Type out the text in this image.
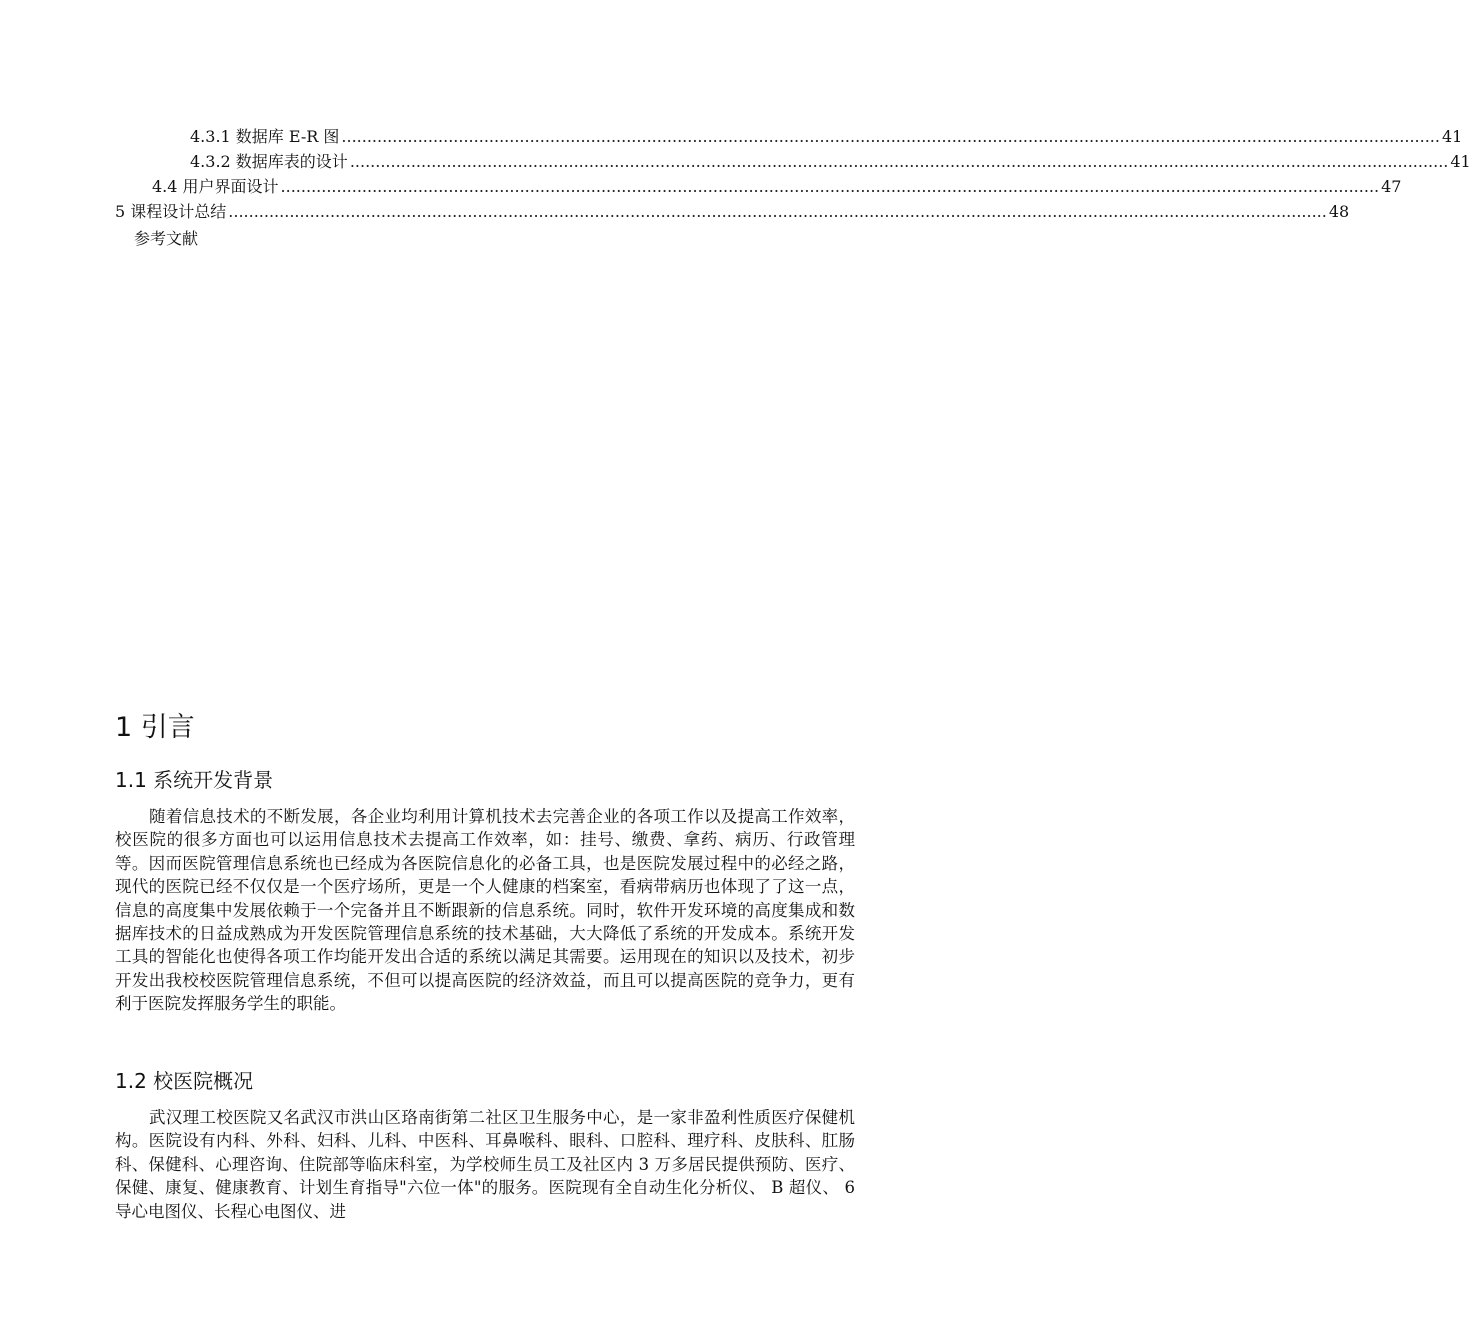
4.3.1 数据库 E-R 图 ........................................................................................................................................................................................................................ 41
4.3.2 数据库表的设计 ........................................................................................................................................................................................................................ 41
4.4 用户界面设计 ........................................................................................................................................................................................................................ 47
5 课程设计总结 ........................................................................................................................................................................................................................ 48
参考文献
1 引言
1.1 系统开发背景

随着信息技术的不断发展，各企业均利用计算机技术去完善企业的各项工作以及提高工作效率，校医院的很多方面也可以运用信息技术去提高工作效率，如：挂号、缴费、拿药、病历、行政管理等。因而医院管理信息系统也已经成为各医院信息化的必备工具，也是医院发展过程中的必经之路，现代的医院已经不仅仅是一个医疗场所，更是一个人健康的档案室，看病带病历也体现了了这一点，信息的高度集中发展依赖于一个完备并且不断跟新的信息系统。同时，软件开发环境的高度集成和数据库技术的日益成熟成为开发医院管理信息系统的技术基础，大大降低了系统的开发成本。系统开发工具的智能化也使得各项工作均能开发出合适的系统以满足其需要。运用现在的知识以及技术，初步开发出我校校医院管理信息系统，不但可以提高医院的经济效益，而且可以提高医院的竞争力，更有利于医院发挥服务学生的职能。

1.2 校医院概况

武汉理工校医院又名武汉市洪山区珞南街第二社区卫生服务中心，是一家非盈利性质医疗保健机构。医院设有内科、外科、妇科、儿科、中医科、耳鼻喉科、眼科、口腔科、理疗科、皮肤科、肛肠科、保健科、心理咨询、住院部等临床科室，为学校师生员工及社区内 3 万多居民提供预防、医疗、保健、康复、健康教育、计划生育指导"六位一体"的服务。医院现有全自动生化分析仪、 B 超仪、 6 导心电图仪、长程心电图仪、进
